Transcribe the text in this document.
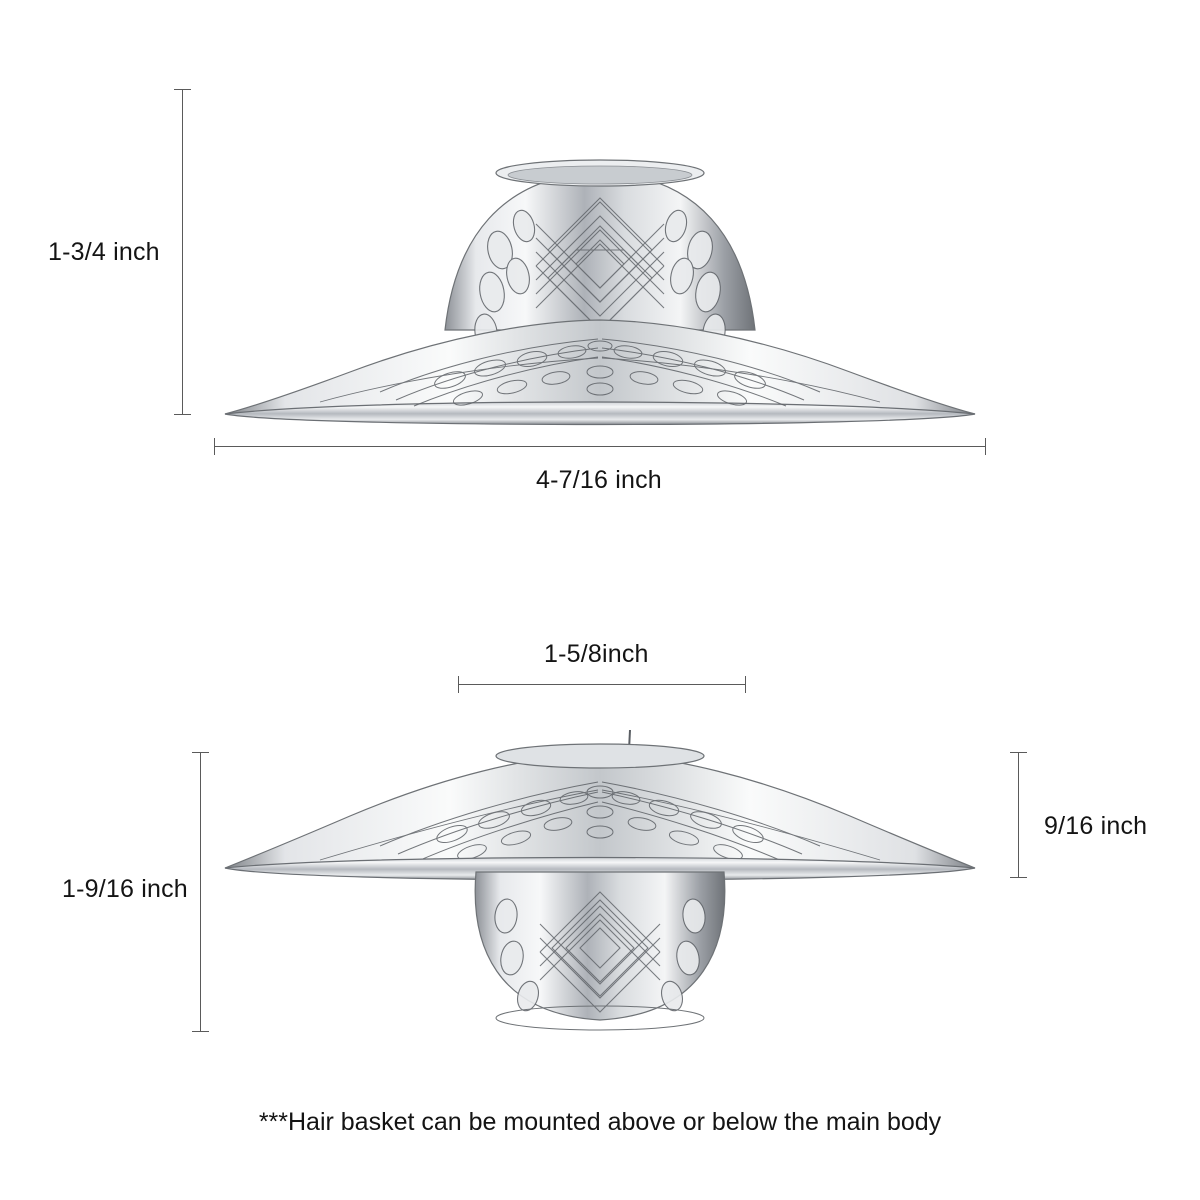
1-3/4 inch
4-7/16 inch
1-5/8inch
1-9/16 inch
9/16 inch
***Hair basket can be mounted above or below the main body
